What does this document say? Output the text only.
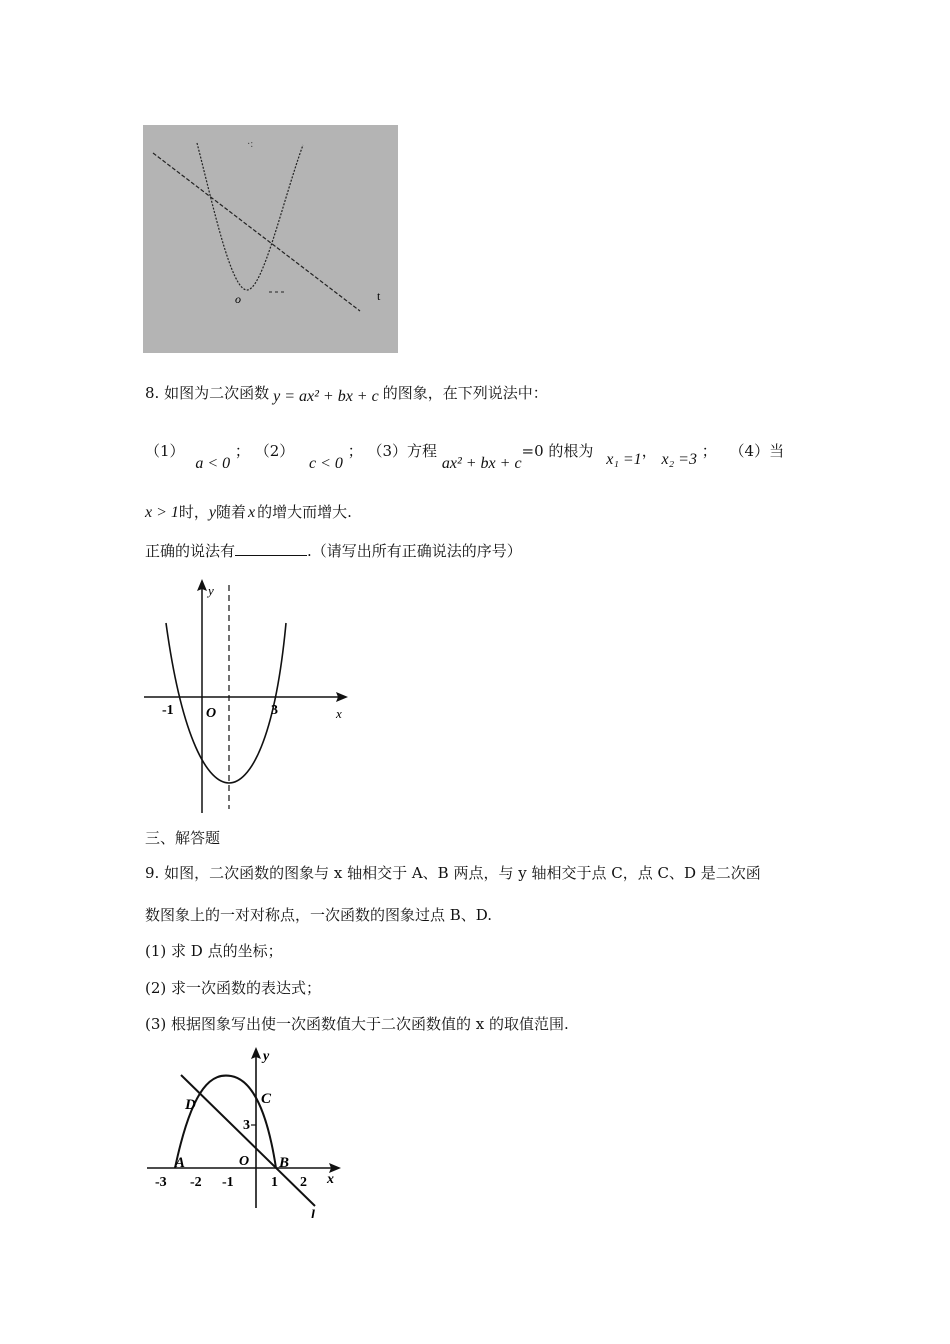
o	t
·:
8. 如图为二次函数 y = ax² + bx + c 的图象，在下列说法中：
（1） a < 0 ； （2） c < 0 ； （3）方程 ax² + bx + c=0 的根为 x₁ =1， x₂ =3 ； （4）当
x > 1时，y随着 x 的增大而增大.
正确的说法有	.（请写出所有正确说法的序号）
y
x
O
-1	3
三、解答题
9. 如图，二次函数的图象与 x 轴相交于 A、B 两点，与 y 轴相交于点 C，点 C、D 是二次函
数图象上的一对对称点，一次函数的图象过点 B、D.
(1) 求 D 点的坐标；
(2) 求一次函数的表达式；
(3) 根据图象写出使一次函数值大于二次函数值的 x 的取值范围.
y
x
l
D	C
3
A	B
O
-3 -2 -1	1 2
